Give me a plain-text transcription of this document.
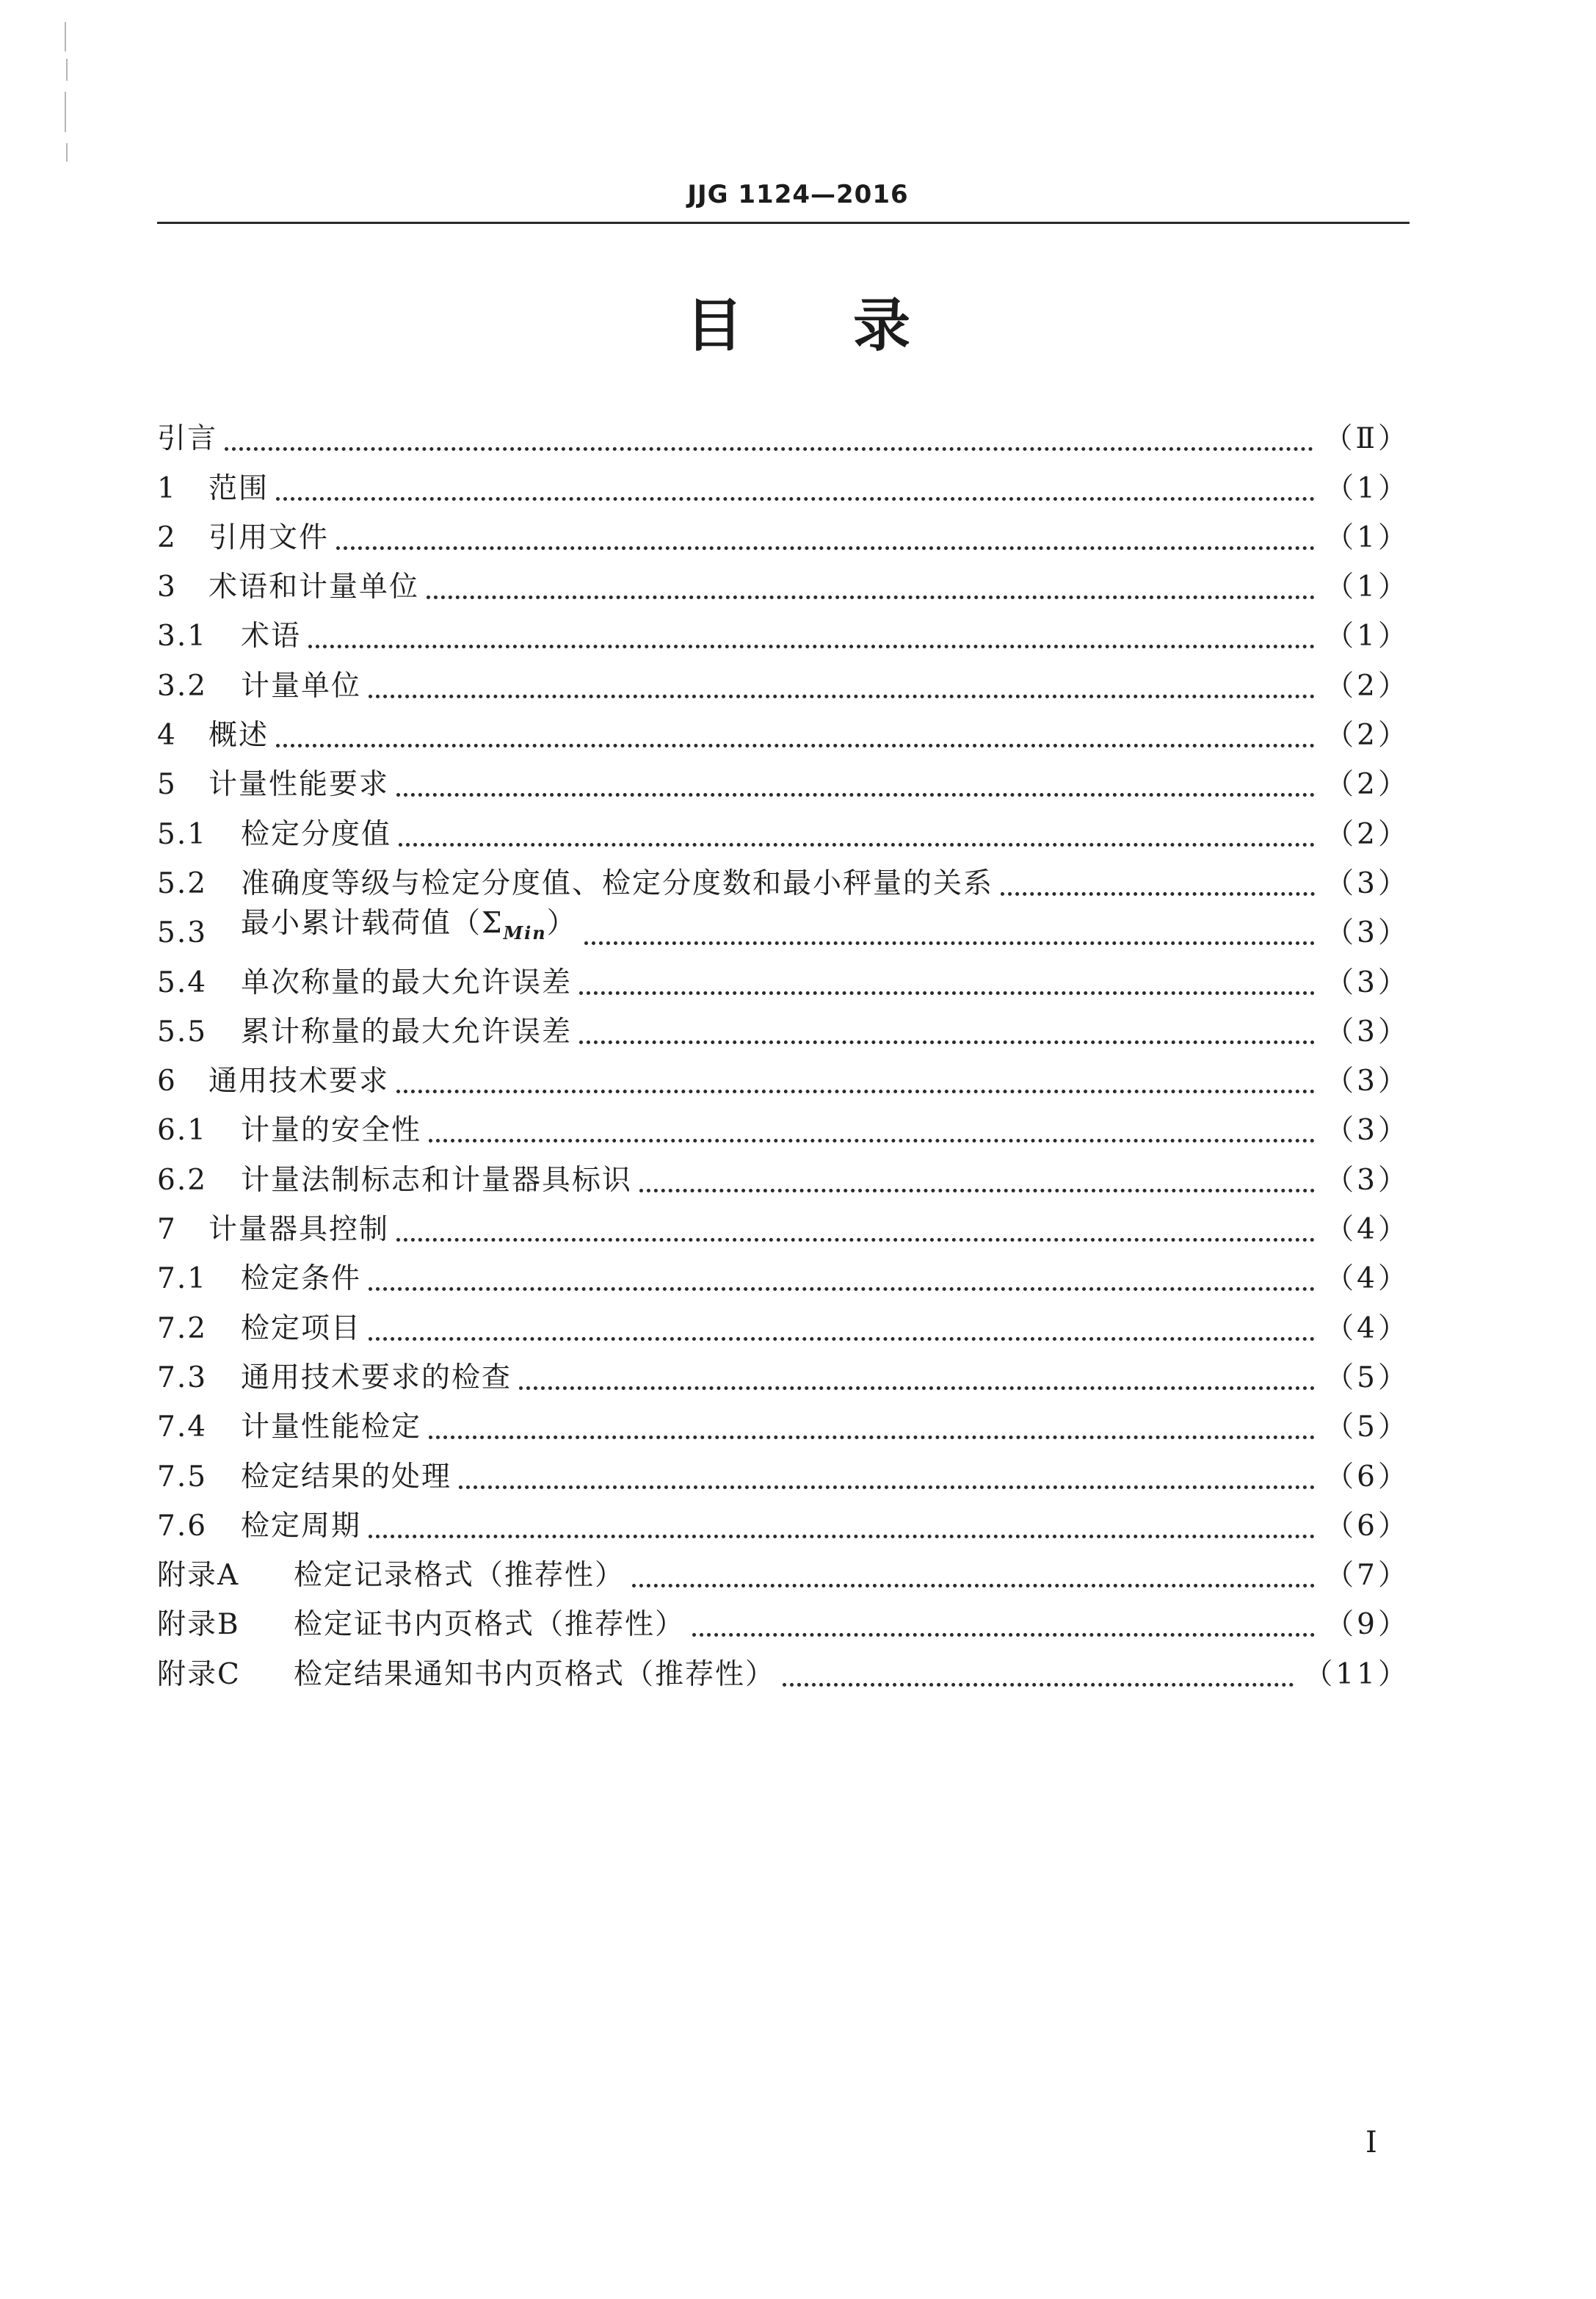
JJG 1124—2016
目录
引言	（Ⅱ）
1	范围	（1）
2	引用文件	（1）
3	术语和计量单位	（1）
3.1	术语	（1）
3.2	计量单位	（2）
4	概述	（2）
5	计量性能要求	（2）
5.1	检定分度值	（2）
5.2	准确度等级与检定分度值、检定分度数和最小秤量的关系	（3）
5.3	最小累计载荷值$(\Sigma_{Min})$	（3）
5.4	单次称量的最大允许误差	（3）
5.5	累计称量的最大允许误差	（3）
6	通用技术要求	（3）
6.1	计量的安全性	（3）
6.2	计量法制标志和计量器具标识	（3）
7	计量器具控制	（4）
7.1	检定条件	（4）
7.2	检定项目	（4）
7.3	通用技术要求的检查	（5）
7.4	计量性能检定	（5）
7.5	检定结果的处理	（6）
7.6	检定周期	（6）
附录A	检定记录格式（推荐性）	（7）
附录B	检定证书内页格式（推荐性）	（9）
附录C	检定结果通知书内页格式（推荐性）	（11）
I
